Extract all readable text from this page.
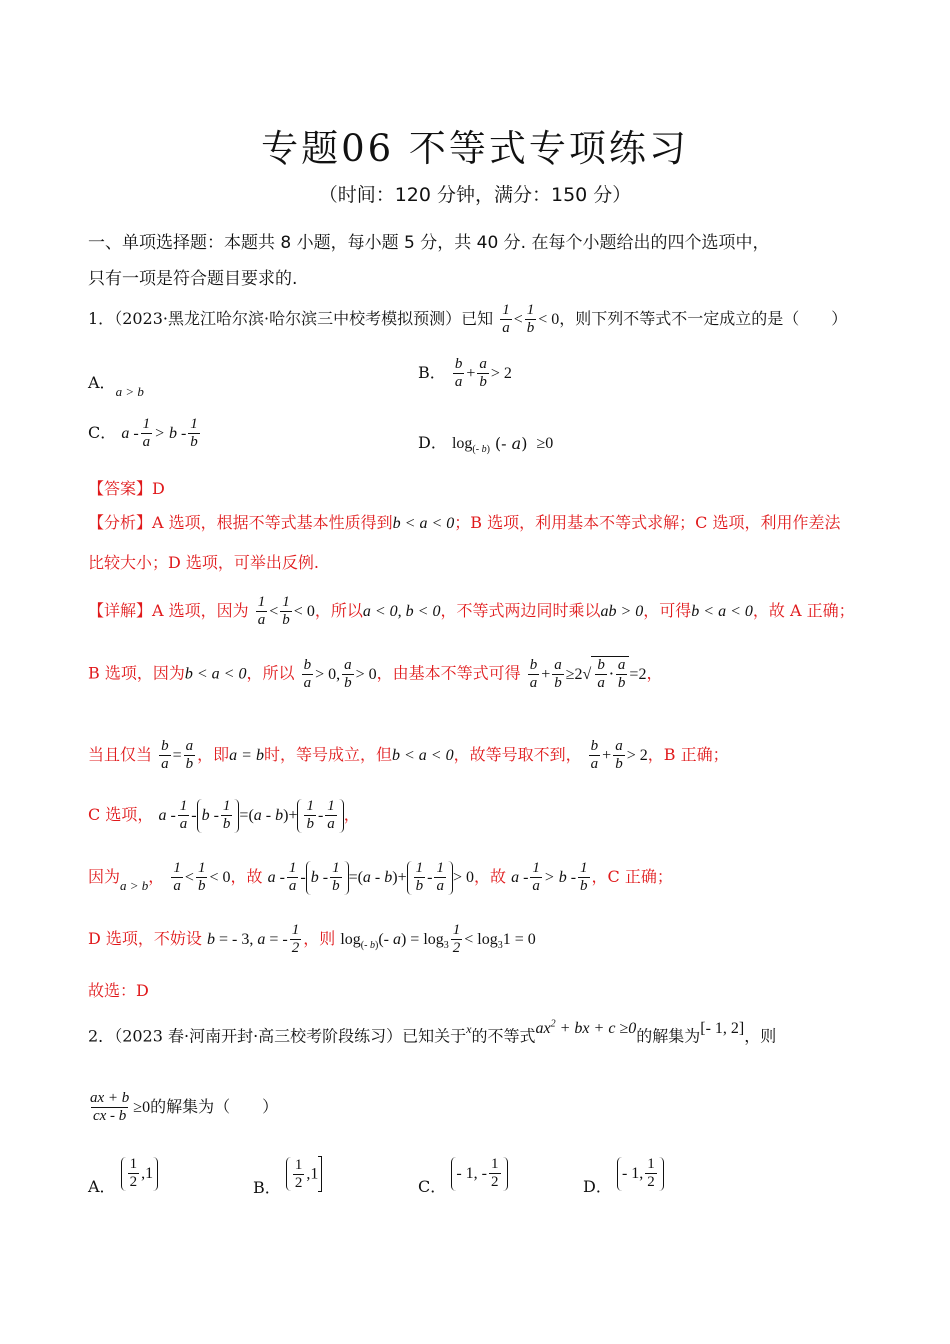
专题06 不等式专项练习
（时间：120 分钟，满分：150 分）
一、单项选择题：本题共 8 小题，每小题 5 分，共 40 分. 在每个小题给出的四个选项中，
只有一项是符合题目要求的.
1．（2023·黑龙江哈尔滨·哈尔滨三中校考模拟预测）已知 $\frac{1}{a} < \frac{1}{b} < 0$，则下列不等式不一定成立的是（　　）
A．$_{a > b}$
B． $\frac{b}{a} + \frac{a}{b} > 2$
C． $a - \frac{1}{a} > b - \frac{1}{b}$	D． $\log_{(- b)}$ (- a) ≥0
【答案】D
【分析】A 选项，根据不等式基本性质得到b < a < 0；B 选项，利用基本不等式求解；C 选项，利用作差法
比较大小；D 选项，可举出反例.
【详解】A 选项，因为 $\frac{1}{a} < \frac{1}{b} < 0$，所以a < 0, b < 0，不等式两边同时乘以ab > 0，可得b < a < 0，故 A 正确；
B 选项，因为b < a < 0，所以 $\frac{b}{a} > 0$, $\frac{a}{b} > 0$，由基本不等式可得 $\frac{b}{a} + \frac{a}{b} \ge 2√ \frac{b}{a} \cdot \frac{a}{b} =2$，
当且仅当 $\frac{b}{a} = \frac{a}{b}$ ，即a = b时，等号成立，但b < a < 0，故等号取不到， $\frac{b}{a} + \frac{a}{b} > 2$，B 正确；
C 选项， $a - \frac{1}{a} - b - \frac{1}{b} =(a - b)+ \frac{1}{b} - \frac{1}{a}$ ，
因为$_{a > b}$， $\frac{1}{a} < \frac{1}{b} < 0$，故 $a - \frac{1}{a} - b - \frac{1}{b} =(a - b)+ \frac{1}{b} - \frac{1}{a} > 0$，故 $a - \frac{1}{a} > b - \frac{1}{b}$ ，C 正确；
D 选项，不妨设 b = - 3, a = - $\frac{1}{2}$ ，则 $\log_{(- b)}(-$ $a) = \log_3 \frac{1}{2} < \log_31 = 0$
故选：D
2．（2023 春·河南开封·高三校考阶段练习）已知关于$^x$的不等式$ax^2$ + bx + c ≥0的解集为[- 1, 2]，则
$\frac{ax + b}{cx - b} \ge 0$的解集为（　　）
A． $\frac{1}{2} ,1$
B． $\frac{1}{2} ,1$
C． - 1, - $\frac{1}{2}$	D． - 1, $\frac{1}{2}$
